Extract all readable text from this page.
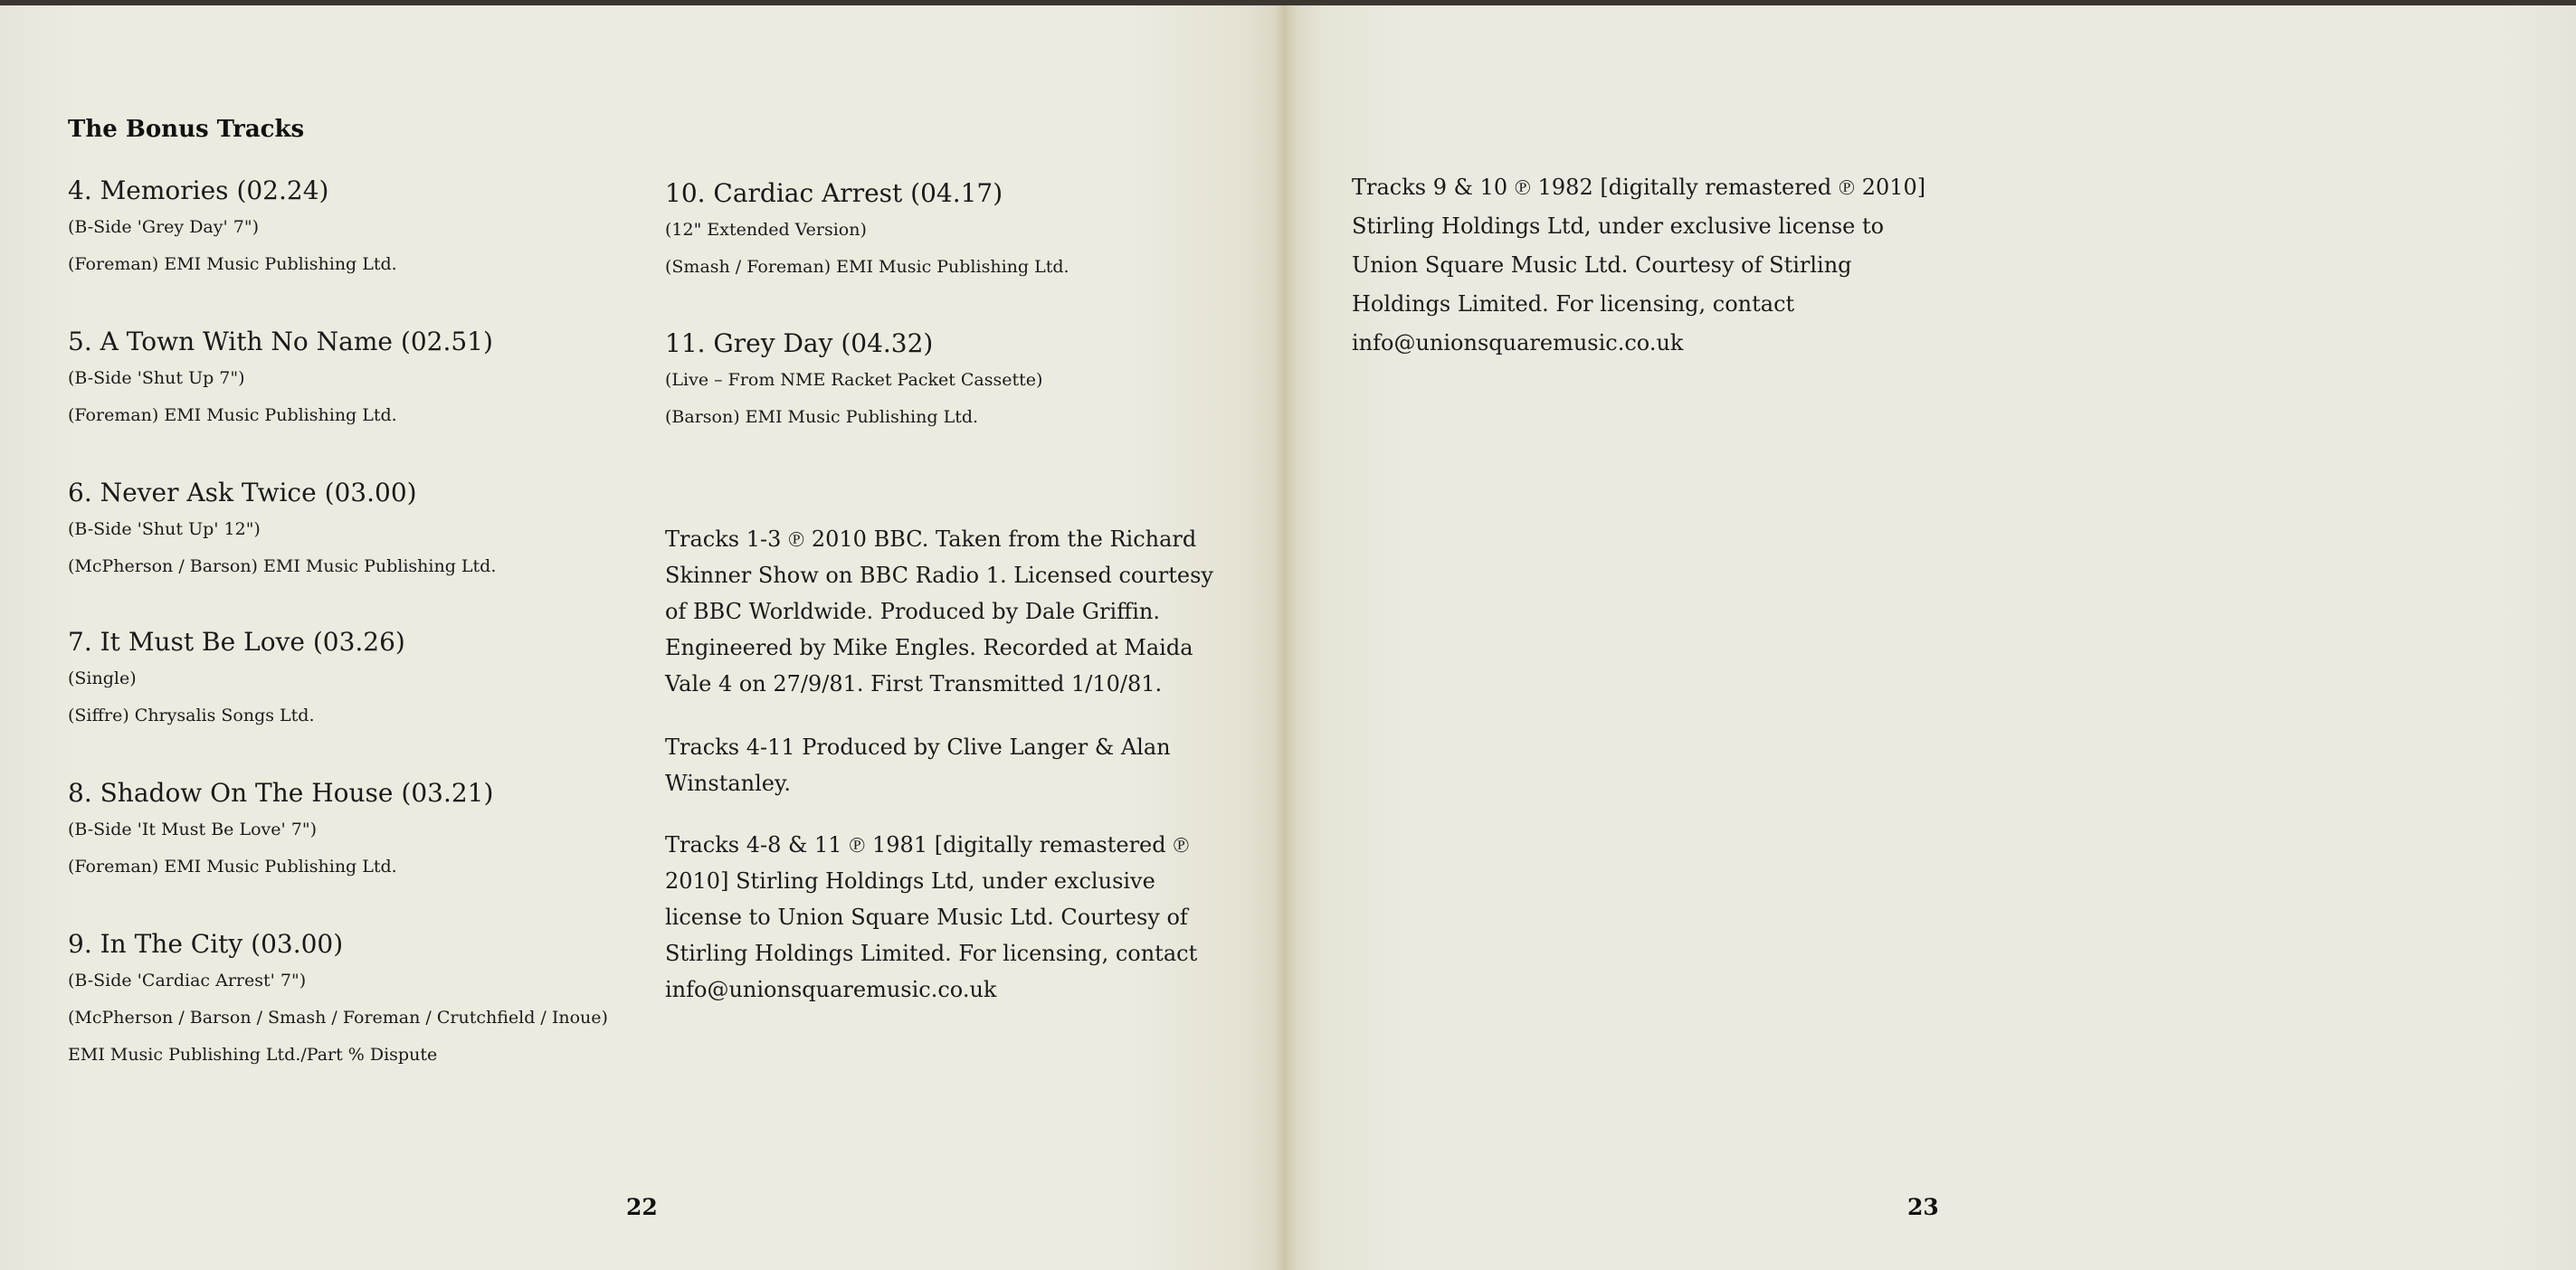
The Bonus Tracks
4. Memories (02.24)
(B-Side 'Grey Day' 7")
(Foreman) EMI Music Publishing Ltd.
5. A Town With No Name (02.51)
(B-Side 'Shut Up 7")
(Foreman) EMI Music Publishing Ltd.
6. Never Ask Twice (03.00)
(B-Side 'Shut Up' 12")
(McPherson / Barson) EMI Music Publishing Ltd.
7. It Must Be Love (03.26)
(Single)
(Siffre) Chrysalis Songs Ltd.
8. Shadow On The House (03.21)
(B-Side 'It Must Be Love' 7")
(Foreman) EMI Music Publishing Ltd.
9. In The City (03.00)
(B-Side 'Cardiac Arrest' 7")
(McPherson / Barson / Smash / Foreman / Crutchfield / Inoue)
EMI Music Publishing Ltd./Part % Dispute
10. Cardiac Arrest (04.17)
(12" Extended Version)
(Smash / Foreman) EMI Music Publishing Ltd.
11. Grey Day (04.32)
(Live – From NME Racket Packet Cassette)
(Barson) EMI Music Publishing Ltd.

Tracks 1-3 ℗ 2010 BBC. Taken from the Richard Skinner Show on BBC Radio 1. Licensed courtesy of BBC Worldwide. Produced by Dale Griffin. Engineered by Mike Engles. Recorded at Maida Vale 4 on 27/9/81. First Transmitted 1/10/81.

Tracks 4-11 Produced by Clive Langer & Alan Winstanley.

Tracks 4-8 & 11 ℗ 1981 [digitally remastered ℗ 2010] Stirling Holdings Ltd, under exclusive license to Union Square Music Ltd. Courtesy of Stirling Holdings Limited. For licensing, contact info@unionsquaremusic.co.uk

22

Tracks 9 & 10 ℗ 1982 [digitally remastered ℗ 2010] Stirling Holdings Ltd, under exclusive license to Union Square Music Ltd. Courtesy of Stirling Holdings Limited. For licensing, contact info@unionsquaremusic.co.uk

23
